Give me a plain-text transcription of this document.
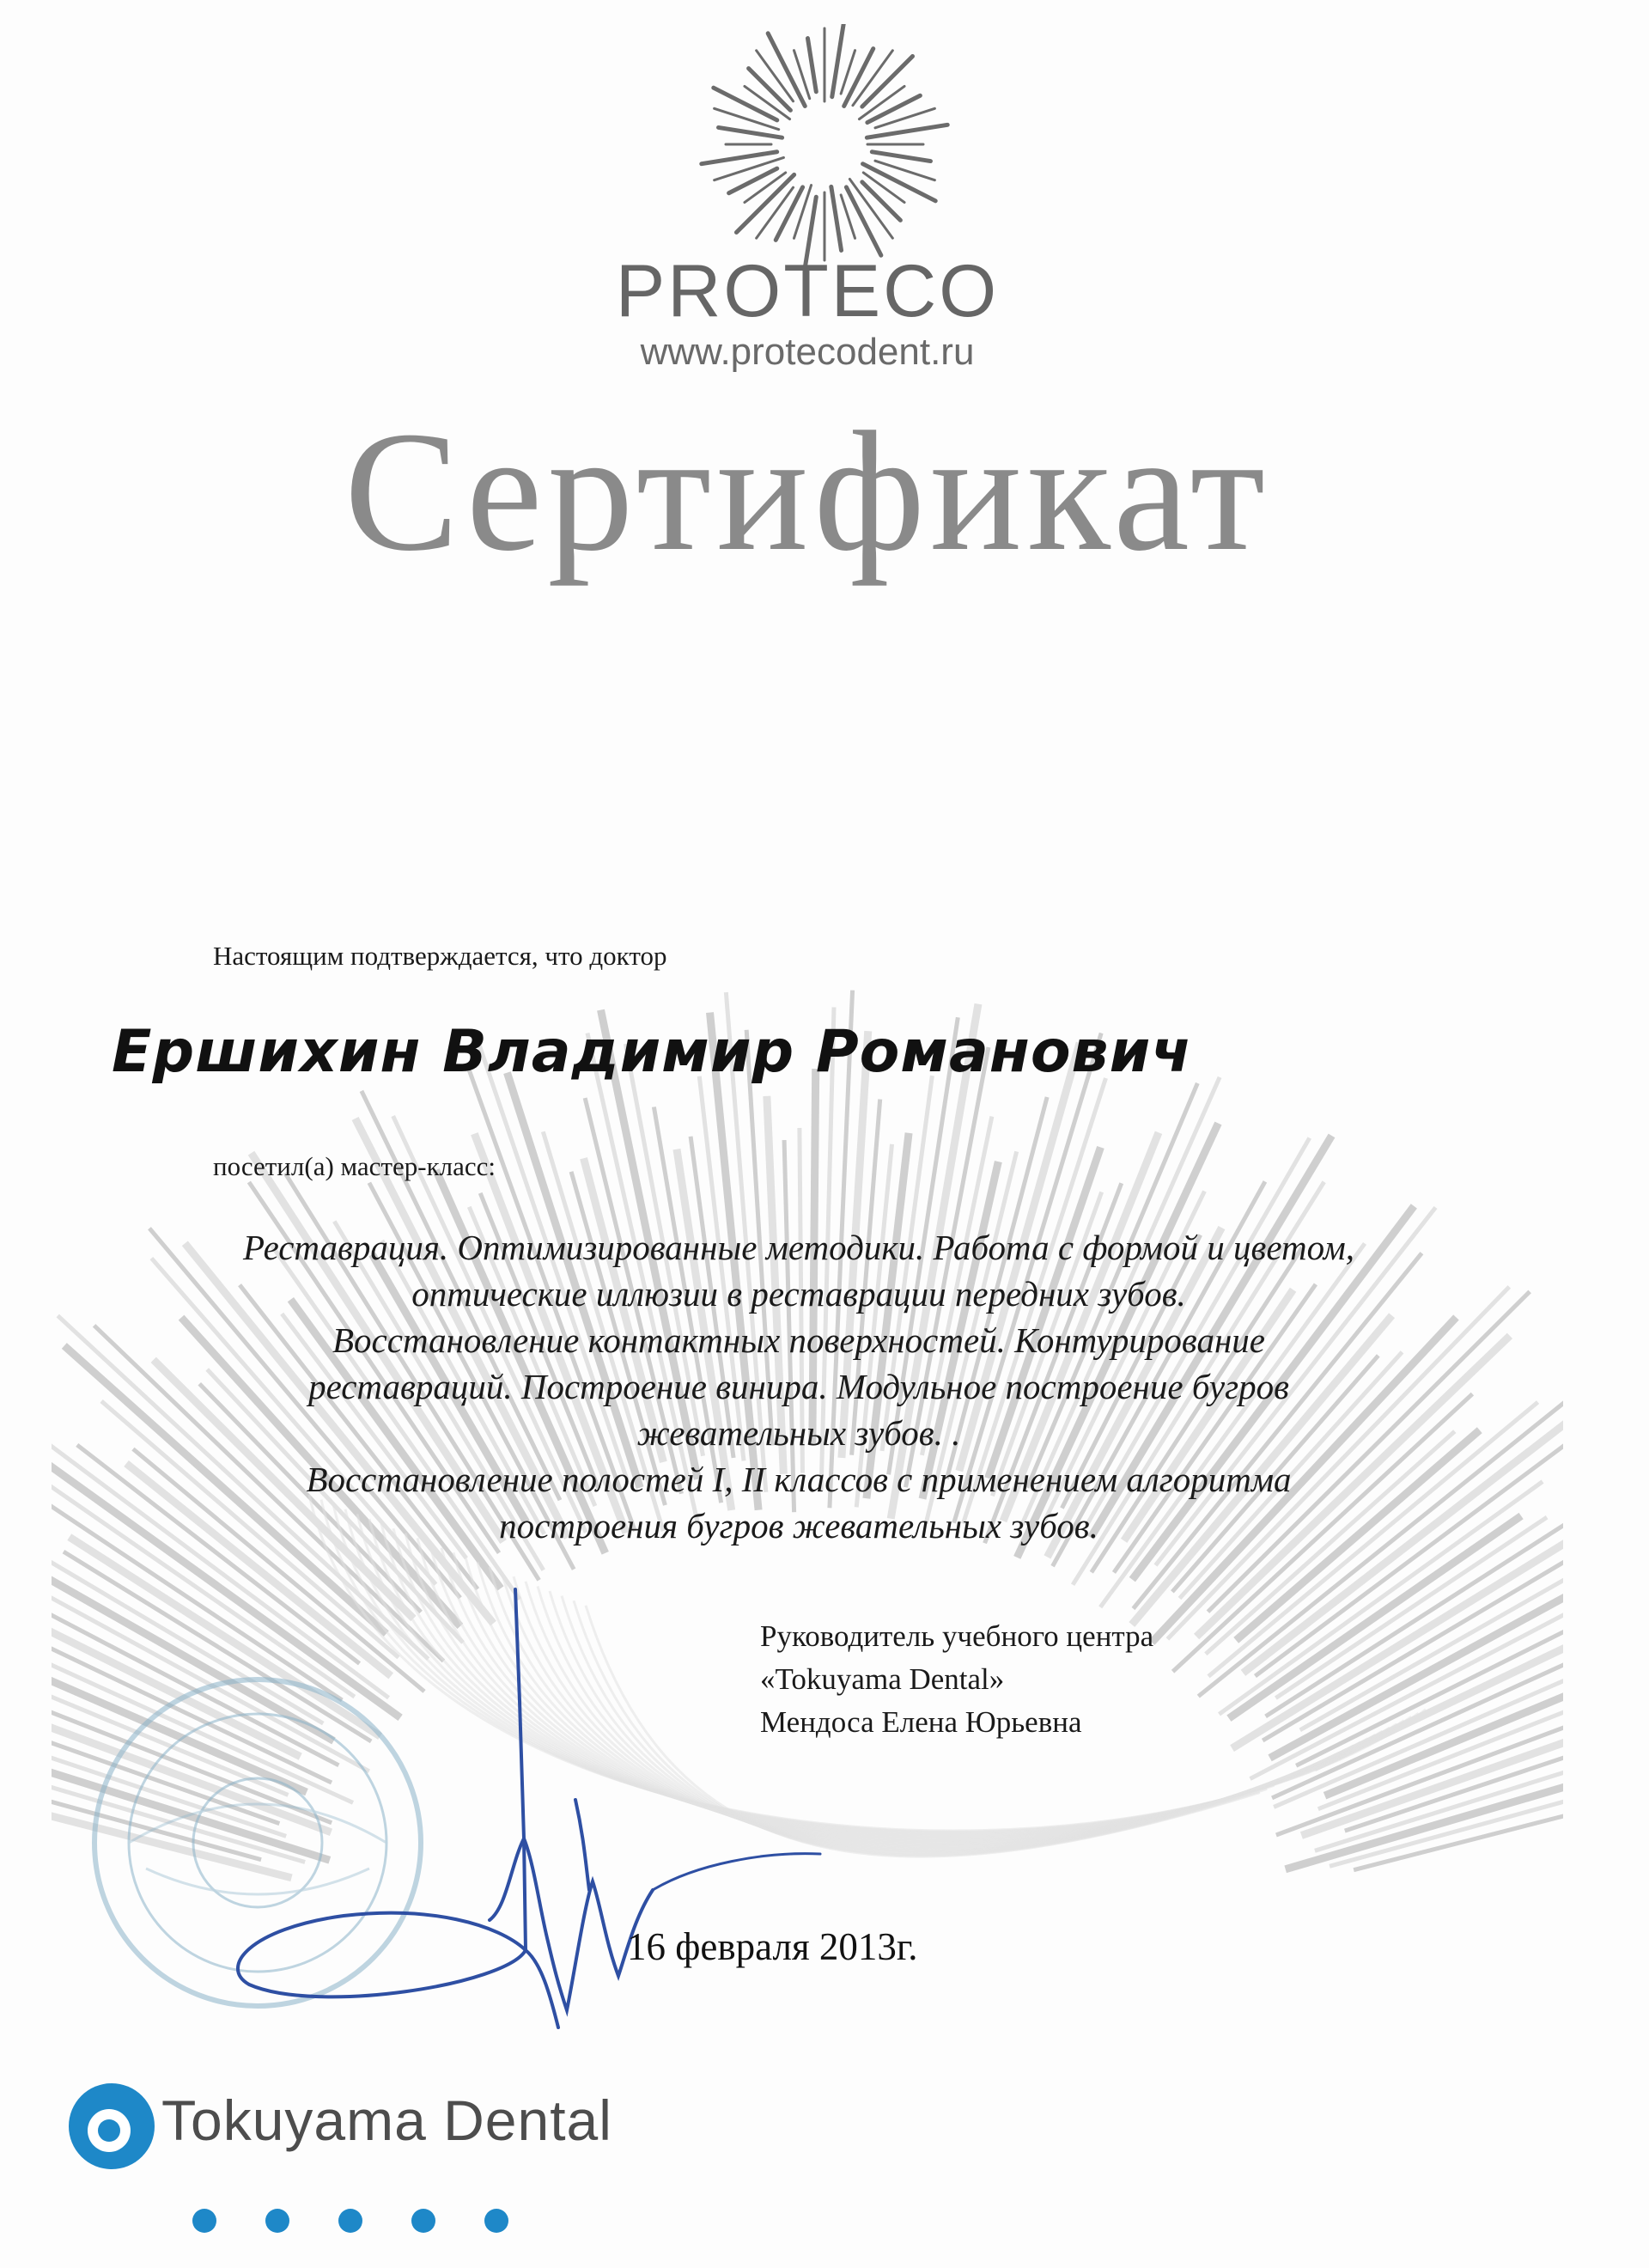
PROTECO
www.protecodent.ru
Сертификат
Настоящим подтверждается, что доктор
Ершихин Владимир Романович
посетил(а) мастер-класс:
Реставрация. Оптимизированные методики. Работа с формой и цветом,
оптические иллюзии в реставрации передних зубов.
Восстановление контактных поверхностей. Контурирование
реставраций. Построение винира. Модульное построение бугров
жевательных зубов. .
Восстановление полостей I, II классов с применением алгоритма
построения бугров жевательных зубов.
Руководитель учебного центра
«Tokuyama Dental»
Мендоса Елена Юрьевна
16 февраля 2013г.
Tokuyama Dental
